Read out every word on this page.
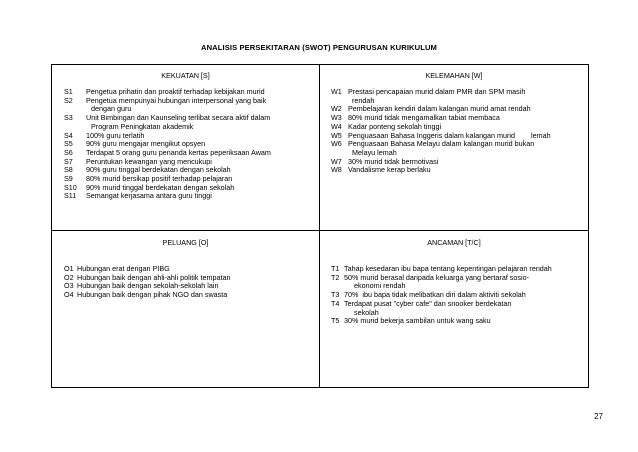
ANALISIS PERSEKITARAN (SWOT) PENGURUSAN KURIKULUM
KEKUATAN [S]	KELEMAHAN [W]
PELUANG [O]	ANCAMAN [T/C]
S1	Pengetua prihatin dan proaktif terhadap kebijakan murid
S2	Pengetua mempunyai hubungan interpersonal yang baik
dengan guru
S3	Unit Bimbingan dan Kaunseling terlibat secara aktif dalam
Program Peningkatan akademik
S4	100% guru terlatih
S5	90% guru mengajar mengikut opsyen
S6	Terdapat 5 orang guru penanda kertas peperiksaan Awam
S7	Peruntukan kewangan yang mencukupi
S8	90% guru tinggal berdekatan dengan sekolah
S9	80% murid bersikap positif terhadap pelajaran
S10	90% murid tinggal berdekatan dengan sekolah
S11	Semangat kerjasama antara guru tinggi
W1 Prestasi pencapaian murid dalam PMR dan SPM masih
rendah
W2 Pembelajaran kendiri dalam kalangan murid amat rendah
W3 80% murid tidak mengamalkan tabiat membaca
W4 Kadar ponteng sekolah tinggi
W5 Penguasaan Bahasa Inggeris dalam kalangan murid        lemah
W6 Penguasaan Bahasa Melayu dalam kalangan murid bukan
Melayu lemah
W7 30% murid tidak bermotivasi
W8 Vandalisme kerap berlaku
O1 Hubungan erat dengan PIBG
O2 Hubungan baik dengan ahli-ahli politik tempatan
O3 Hubungan baik dengan sekolah-sekolah lain
O4 Hubungan baik dengan pihak NGO dan swasta
T1 Tahap kesedaran ibu bapa tentang kepentingan pelajaran rendah
T2 50% murid berasal daripada keluarga yang bertaraf sosio-
ekonomi rendah
T3 70%  ibu bapa tidak melibatkan diri dalam aktiviti sekolah
T4 Terdapat pusat "cyber cafe" dan snooker berdekatan
sekolah
T5 30% murid bekerja sambilan untuk wang saku
27
